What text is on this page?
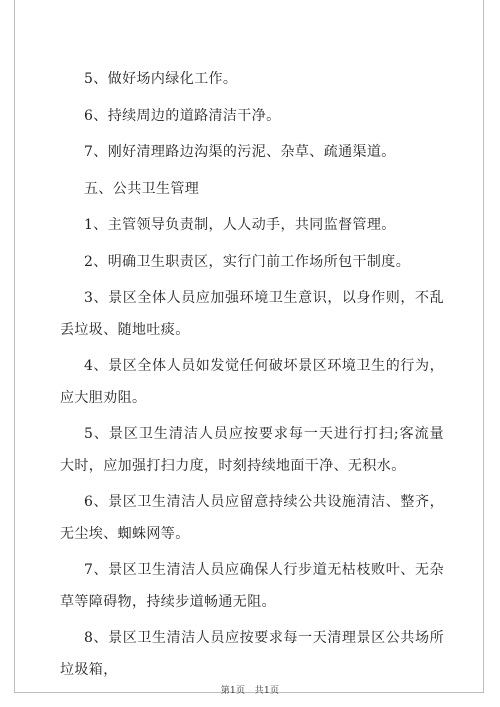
5、做好场内绿化工作。

6、持续周边的道路清洁干净。

7、刚好清理路边沟渠的污泥、杂草、疏通渠道。

五、公共卫生管理

1、主管领导负责制，人人动手，共同监督管理。

2、明确卫生职责区，实行门前工作场所包干制度。

3、景区全体人员应加强环境卫生意识，以身作则，不乱丢垃圾、随地吐痰。

4、景区全体人员如发觉任何破坏景区环境卫生的行为，应大胆劝阻。

5、景区卫生清洁人员应按要求每一天进行打扫;客流量大时，应加强打扫力度，时刻持续地面干净、无积水。

6、景区卫生清洁人员应留意持续公共设施清洁、整齐，无尘埃、蜘蛛网等。

7、景区卫生清洁人员应确保人行步道无枯枝败叶、无杂草等障碍物，持续步道畅通无阻。

8、景区卫生清洁人员应按要求每一天清理景区公共场所垃圾箱，

第1页　共1页
